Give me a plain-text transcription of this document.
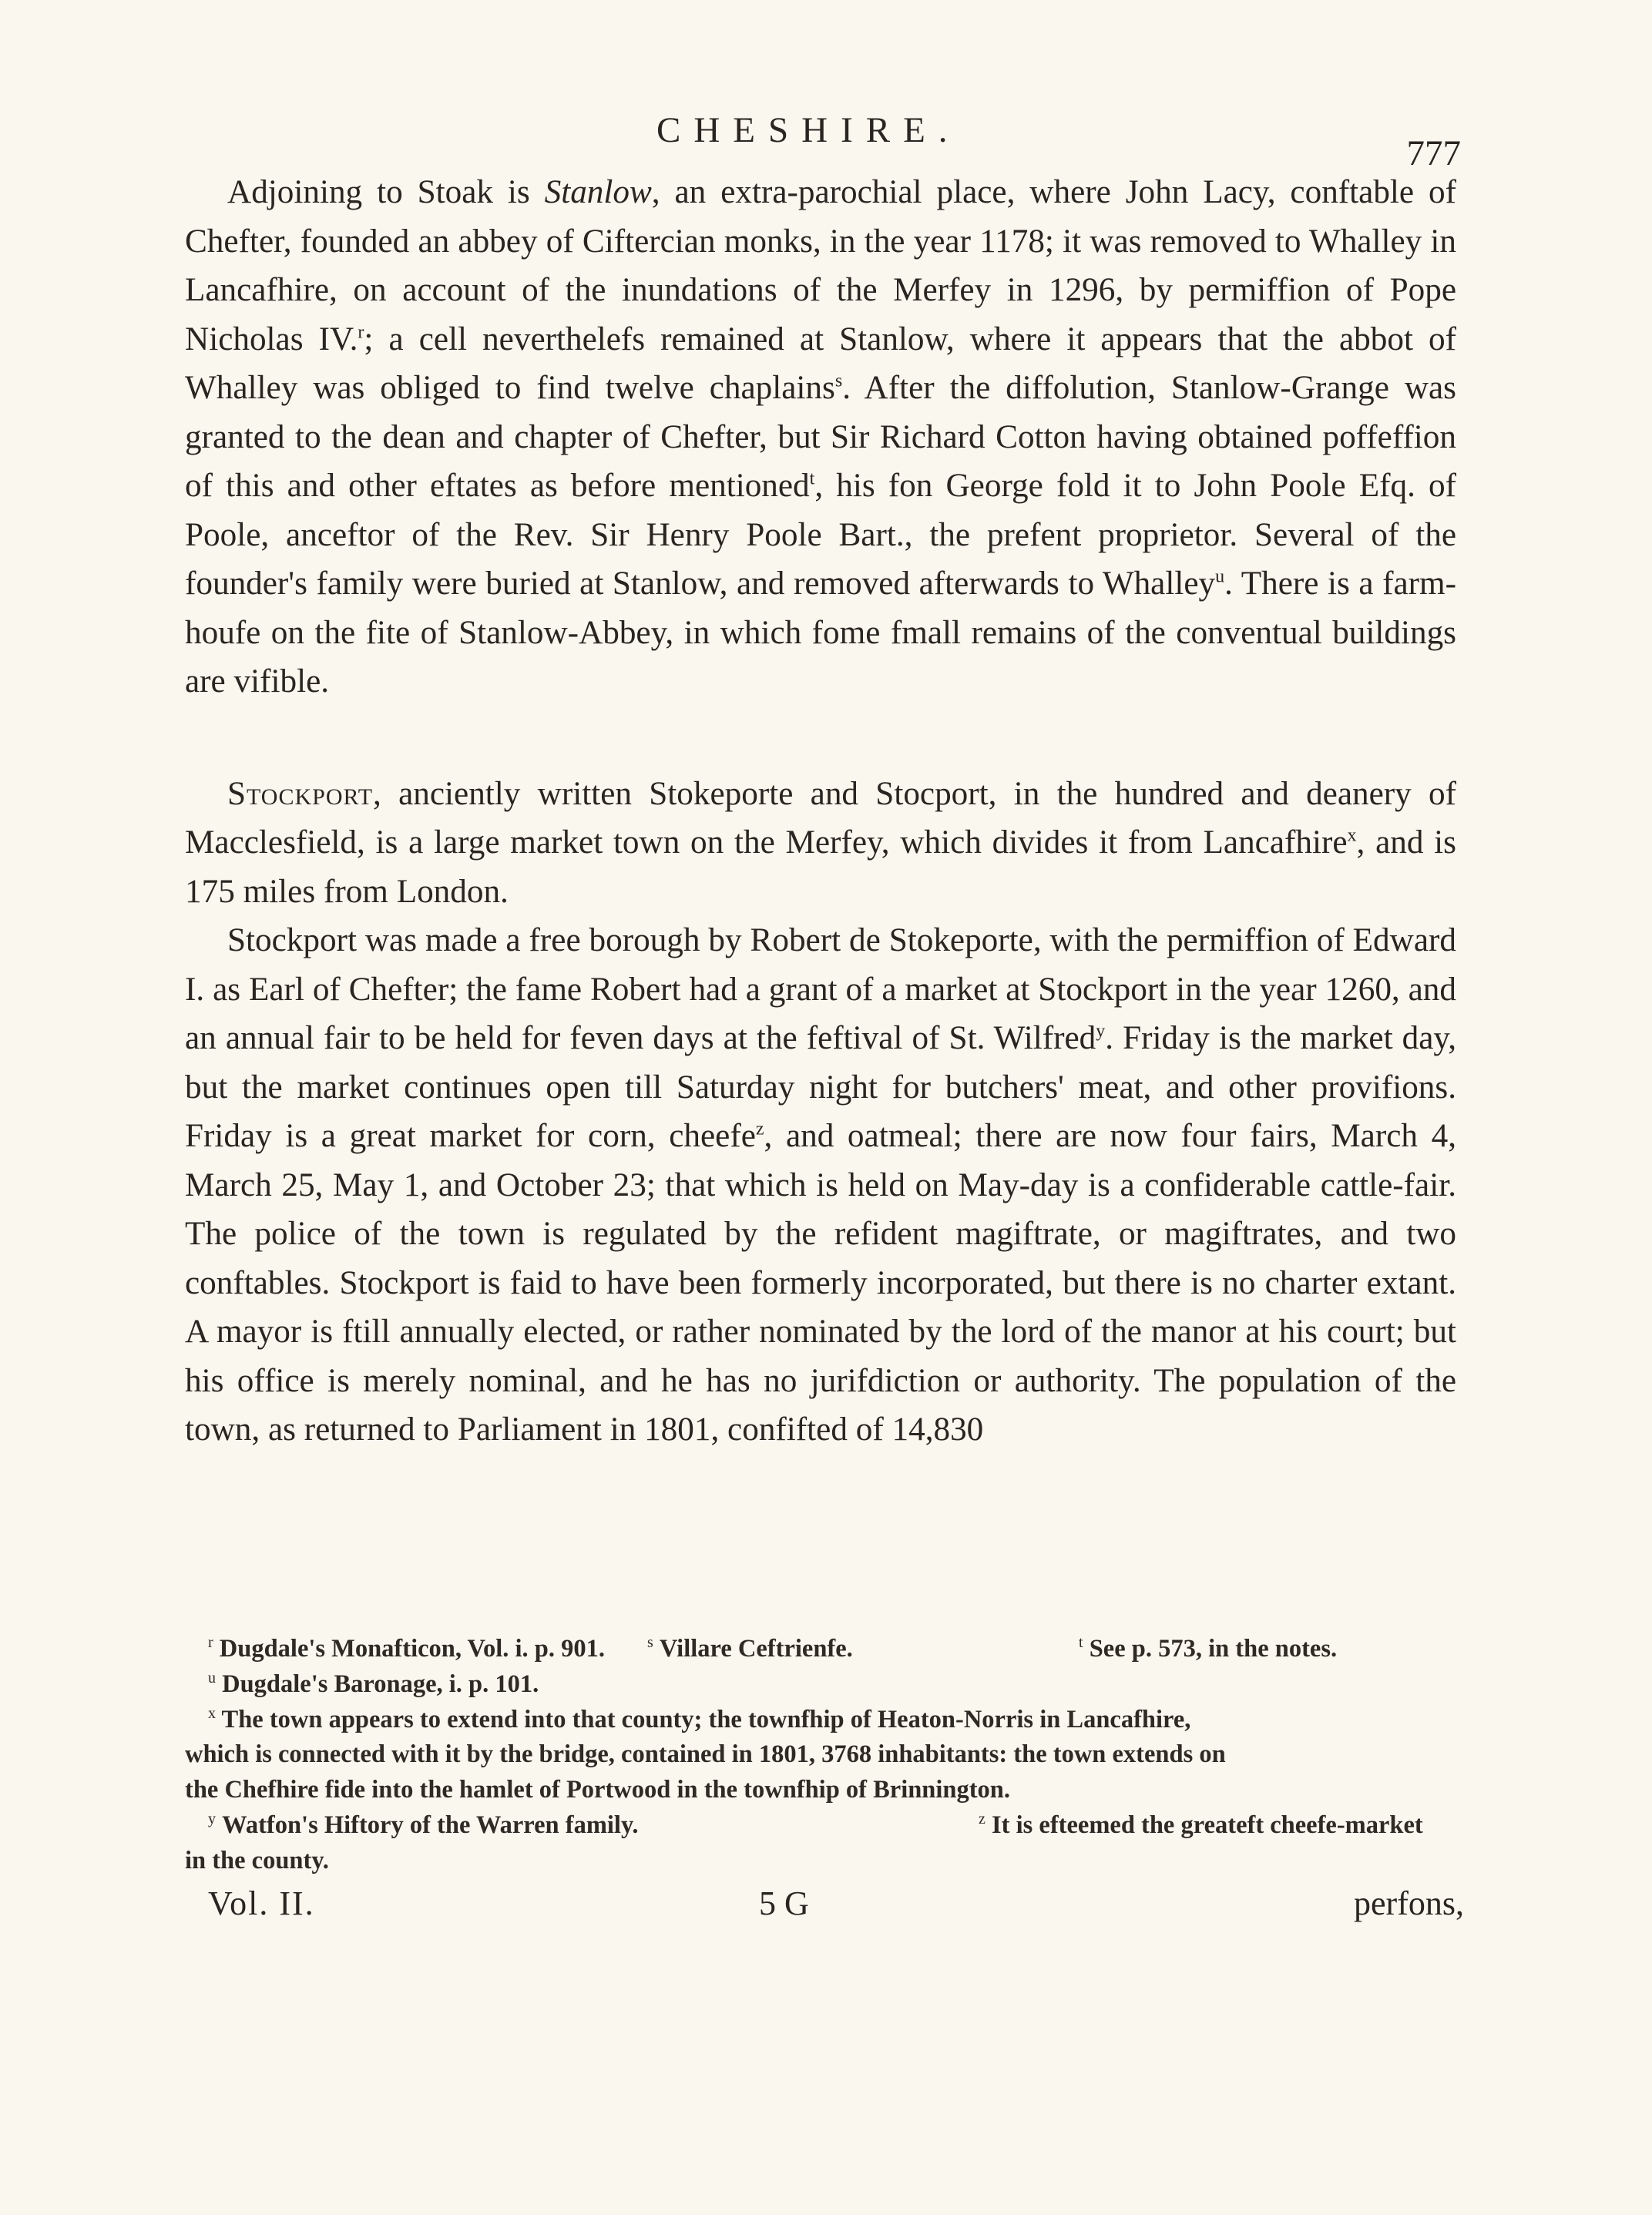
CHESHIRE.
777

Adjoining to Stoak is Stanlow, an extra-parochial place, where John Lacy, conftable of Chefter, founded an abbey of Ciftercian monks, in the year 1178; it was removed to Whalley in Lancafhire, on account of the inundations of the Merfey in 1296, by permiffion of Pope Nicholas IV.$^r$; a cell neverthelefs remained at Stanlow, where it appears that the abbot of Whalley was obliged to find twelve chaplains$^s$. After the diffolution, Stanlow-Grange was granted to the dean and chapter of Chefter, but Sir Richard Cotton having obtained poffeffion of this and other eftates as before mentioned$^t$, his fon George fold it to John Poole Efq. of Poole, anceftor of the Rev. Sir Henry Poole Bart., the prefent proprietor. Several of the founder's family were buried at Stanlow, and removed afterwards to Whalley$^u$. There is a farm-houfe on the fite of Stanlow-Abbey, in which fome fmall remains of the conventual buildings are vifible.

Stockport, anciently written Stokeporte and Stocport, in the hundred and deanery of Macclesfield, is a large market town on the Merfey, which divides it from Lancafhire$^x$, and is 175 miles from London.

Stockport was made a free borough by Robert de Stokeporte, with the permiffion of Edward I. as Earl of Chefter; the fame Robert had a grant of a market at Stockport in the year 1260, and an annual fair to be held for feven days at the feftival of St. Wilfred$^y$. Friday is the market day, but the market continues open till Saturday night for butchers' meat, and other provifions. Friday is a great market for corn, cheefe$^z$, and oatmeal; there are now four fairs, March 4, March 25, May 1, and October 23; that which is held on May-day is a confiderable cattle-fair. The police of the town is regulated by the refident magiftrate, or magiftrates, and two conftables. Stockport is faid to have been formerly incorporated, but there is no charter extant. A mayor is ftill annually elected, or rather nominated by the lord of the manor at his court; but his office is merely nominal, and he has no jurifdiction or authority. The population of the town, as returned to Parliament in 1801, confifted of 14,830

r Dugdale's Monafticon, Vol. i. p. 901.	s Villare Ceftrienfe.	t See p. 573, in the notes.
u Dugdale's Baronage, i. p. 101.
$^x$ The town appears to extend into that county; the townfhip of Heaton-Norris in Lancafhire,
which is connected with it by the bridge, contained in 1801, 3768 inhabitants: the town extends on
the Chefhire fide into the hamlet of Portwood in the townfhip of Brinnington.
y Watfon's Hiftory of the Warren family.	z It is efteemed the greateft cheefe-market
in the county.
Vol. II.	5 G	perfons,
